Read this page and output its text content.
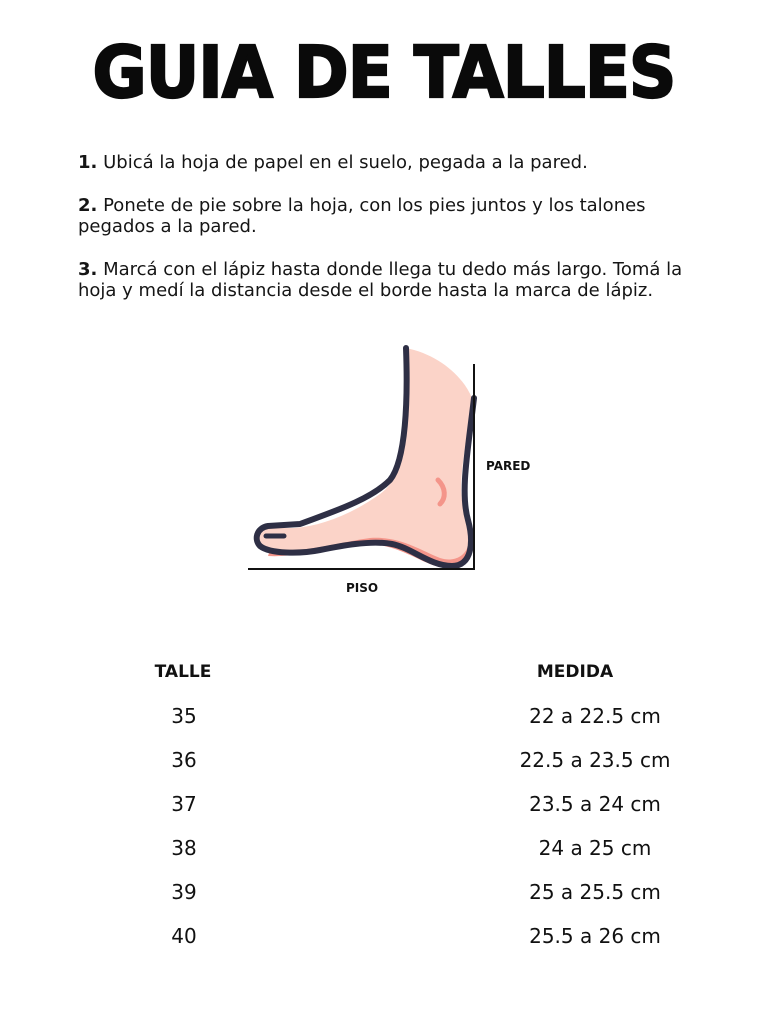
GUIA DE TALLES

1. Ubicá la hoja de papel en el suelo, pegada a la pared.

2. Ponete de pie sobre la hoja, con los pies juntos y los talones pegados a la pared.

3. Marcá con el lápiz hasta donde llega tu dedo más largo. Tomá la hoja y medí la distancia desde el borde hasta la marca de lápiz.

PARED
PISO
TALLE	MEDIDA
35	22 a 22.5 cm
36	22.5 a 23.5 cm
37	23.5 a 24 cm
38	24 a 25 cm
39	25 a 25.5 cm
40	25.5 a 26 cm
